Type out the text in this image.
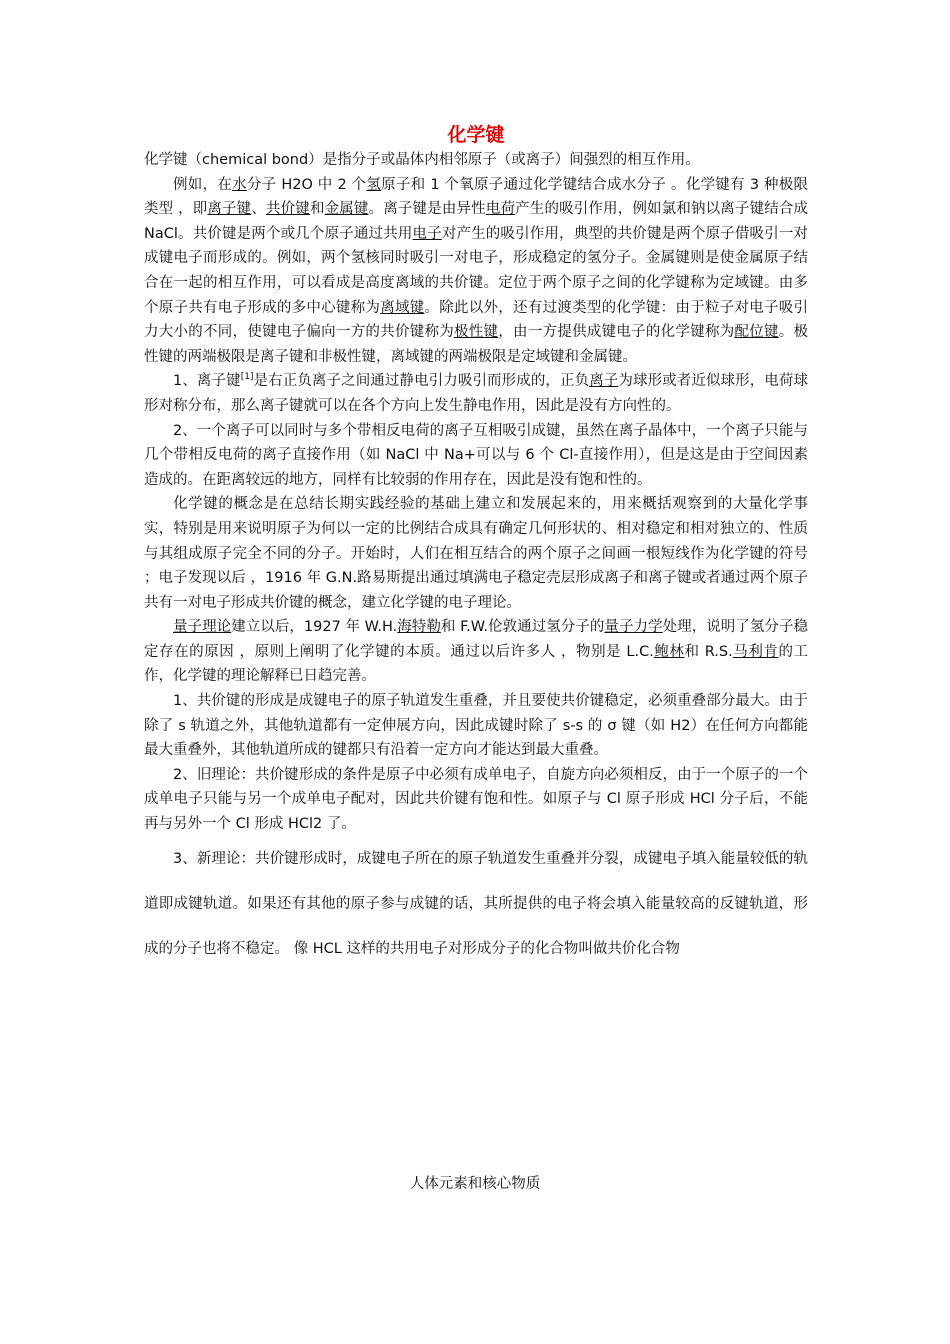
化学键

化学键（chemical bond）是指分子或晶体内相邻原子（或离子）间强烈的相互作用。

例如，在水分子 H2O 中 2 个氢原子和 1 个氧原子通过化学键结合成水分子 。化学键有 3 种极限类型 ，即离子键、共价键和金属键。离子键是由异性电荷产生的吸引作用，例如氯和钠以离子键结合成 NaCl。共价键是两个或几个原子通过共用电子对产生的吸引作用，典型的共价键是两个原子借吸引一对成键电子而形成的。例如，两个氢核同时吸引一对电子，形成稳定的氢分子。金属键则是使金属原子结合在一起的相互作用，可以看成是高度离域的共价键。定位于两个原子之间的化学键称为定域键。由多个原子共有电子形成的多中心键称为离域键。除此以外，还有过渡类型的化学键：由于粒子对电子吸引力大小的不同，使键电子偏向一方的共价键称为极性键，由一方提供成键电子的化学键称为配位键。极性键的两端极限是离子键和非极性键，离域键的两端极限是定域键和金属键。

1、离子键[1]是右正负离子之间通过静电引力吸引而形成的，正负离子为球形或者近似球形，电荷球形对称分布，那么离子键就可以在各个方向上发生静电作用，因此是没有方向性的。

2、一个离子可以同时与多个带相反电荷的离子互相吸引成键，虽然在离子晶体中，一个离子只能与几个带相反电荷的离子直接作用（如 NaCl 中 Na+可以与 6 个 Cl-直接作用），但是这是由于空间因素造成的。在距离较远的地方，同样有比较弱的作用存在，因此是没有饱和性的。

化学键的概念是在总结长期实践经验的基础上建立和发展起来的，用来概括观察到的大量化学事实，特别是用来说明原子为何以一定的比例结合成具有确定几何形状的、相对稳定和相对独立的、性质与其组成原子完全不同的分子。开始时，人们在相互结合的两个原子之间画一根短线作为化学键的符号 ；电子发现以后 ，1916 年 G.N.路易斯提出通过填满电子稳定壳层形成离子和离子键或者通过两个原子共有一对电子形成共价键的概念，建立化学键的电子理论。

量子理论建立以后，1927 年 W.H.海特勒和 F.W.伦敦通过氢分子的量子力学处理，说明了氢分子稳定存在的原因 ，原则上阐明了化学键的本质。通过以后许多人 ，物别是 L.C.鲍林和 R.S.马利肯的工作，化学键的理论解释已日趋完善。

1、共价键的形成是成键电子的原子轨道发生重叠，并且要使共价键稳定，必须重叠部分最大。由于除了 s 轨道之外，其他轨道都有一定伸展方向，因此成键时除了 s-s 的 σ 键（如 H2）在任何方向都能最大重叠外，其他轨道所成的键都只有沿着一定方向才能达到最大重叠。

2、旧理论：共价键形成的条件是原子中必须有成单电子，自旋方向必须相反，由于一个原子的一个成单电子只能与另一个成单电子配对，因此共价键有饱和性。如原子与 Cl 原子形成 HCl 分子后，不能再与另外一个 Cl 形成 HCl2 了。

3、新理论：共价键形成时，成键电子所在的原子轨道发生重叠并分裂，成键电子填入能量较低的轨道即成键轨道。如果还有其他的原子参与成键的话，其所提供的电子将会填入能量较高的反键轨道，形成的分子也将不稳定。 像 HCL 这样的共用电子对形成分子的化合物叫做共价化合物

人体元素和核心物质
